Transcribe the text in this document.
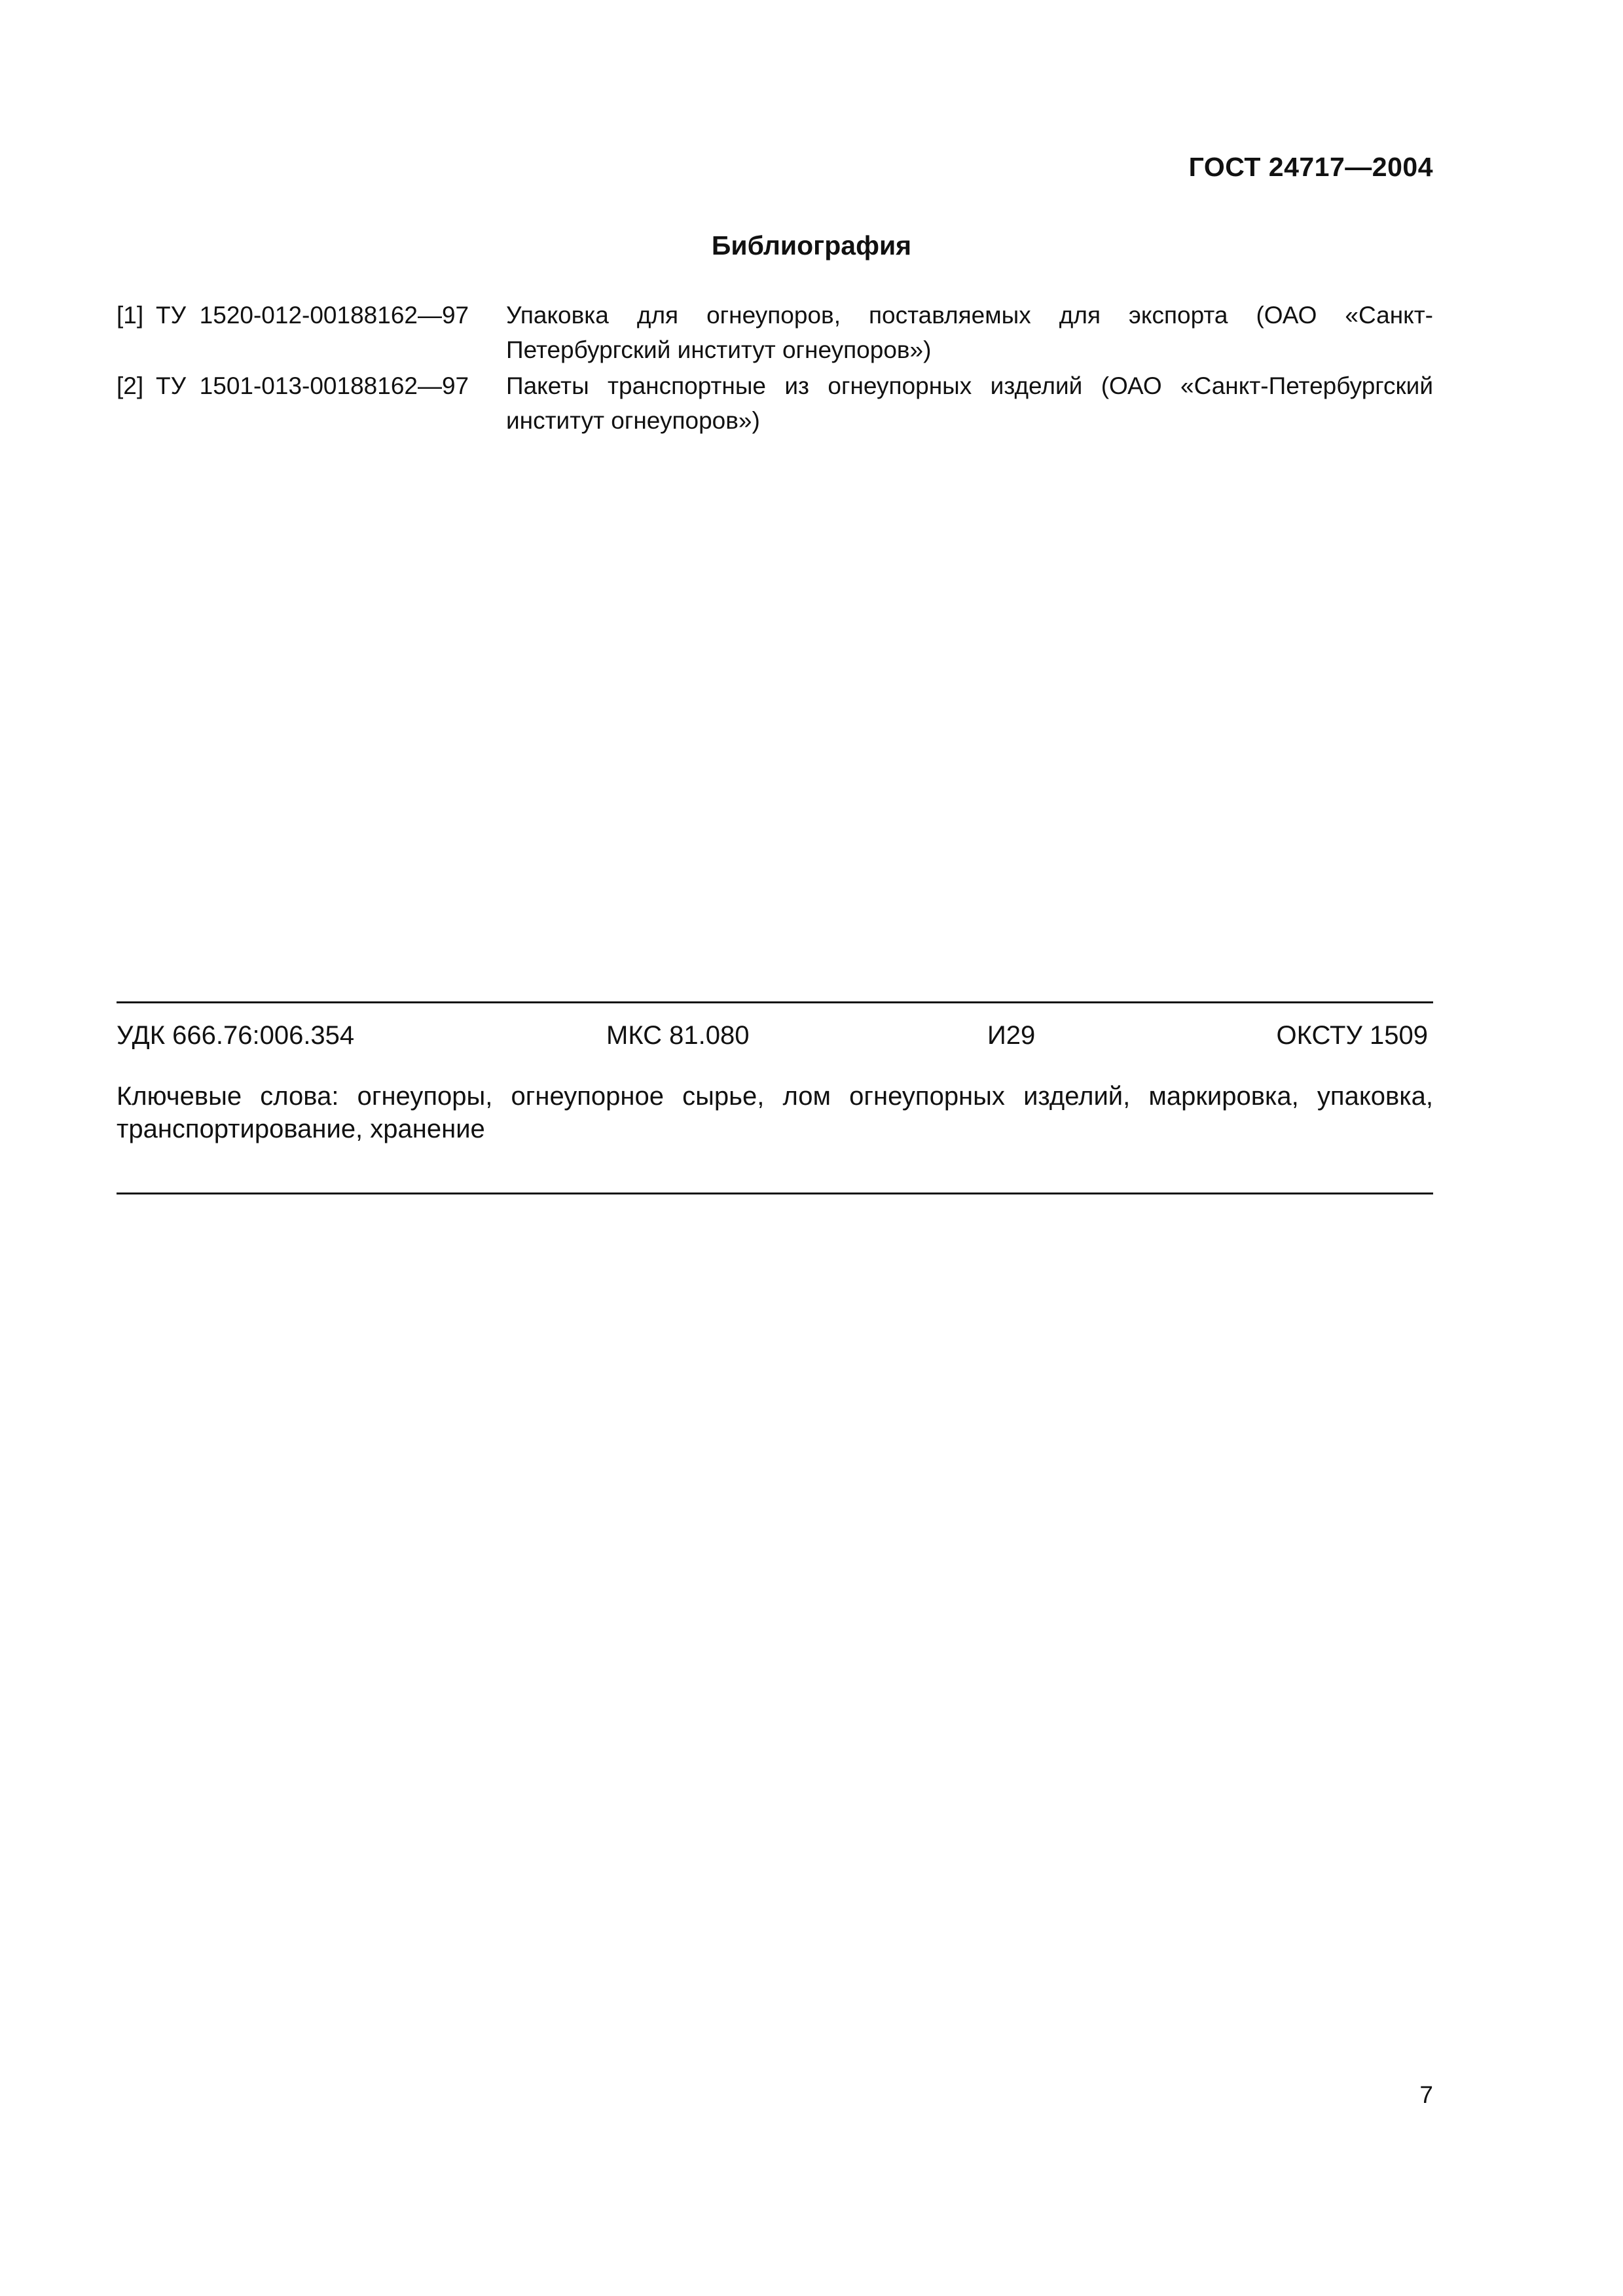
ГОСТ 24717—2004
Библиография
[1] ТУ  1520-012-00188162—97	Упаковка для огнеупоров, поставляемых для экспорта (ОАО «Санкт-Петербургский институт огнеупоров»)
[2] ТУ  1501-013-00188162—97	Пакеты транспортные из огнеупорных изделий (ОАО «Санкт-Петербургский институт огнеупоров»)
УДК 666.76:006.354	МКС 81.080	И29	ОКСТУ 1509
Ключевые слова: огнеупоры, огнеупорное сырье, лом огнеупорных изделий, маркировка, упаковка, транспортирование, хранение
7
